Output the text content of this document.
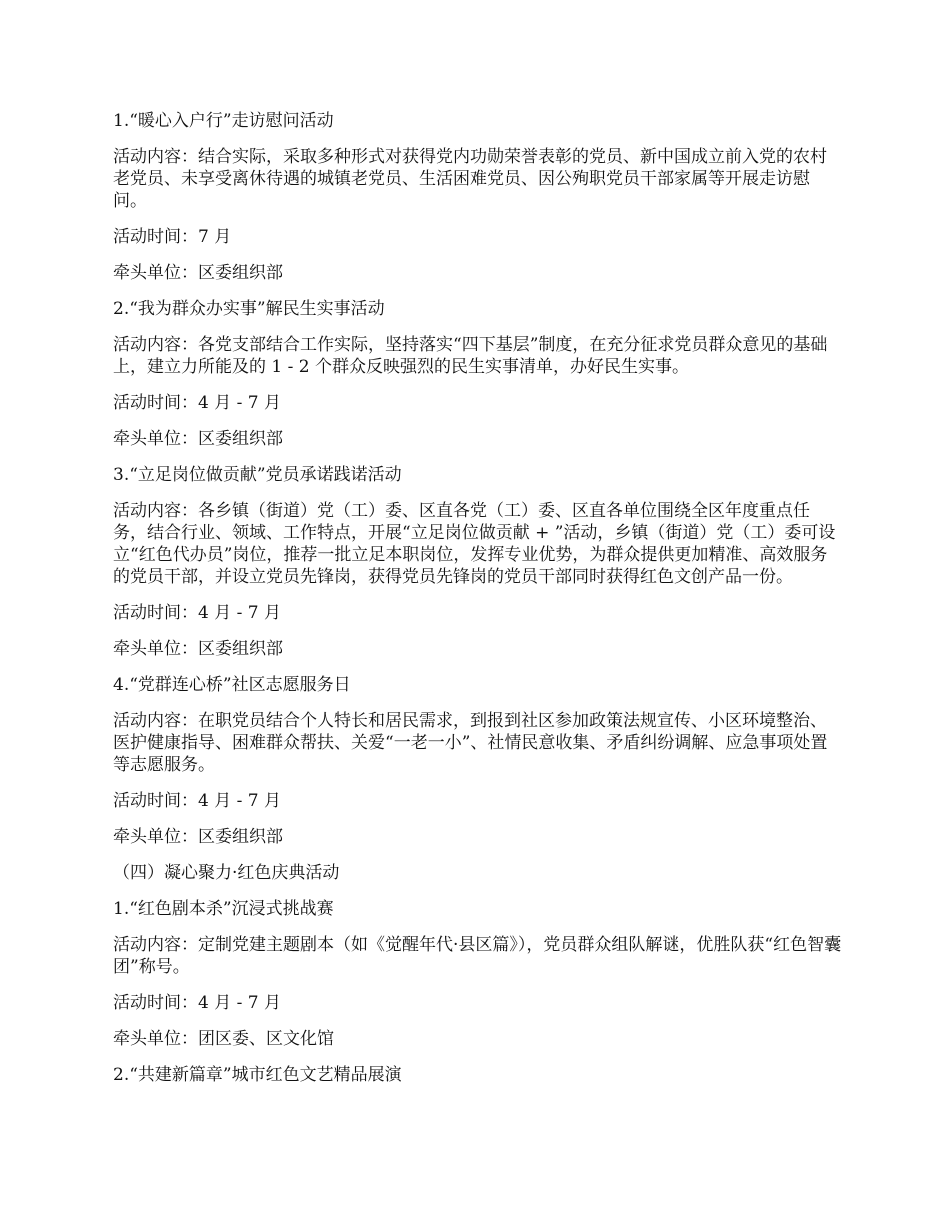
1.“暖心入户行”走访慰问活动

活动内容：结合实际，采取多种形式对获得党内功勋荣誉表彰的党员、新中国成立前入党的农村老党员、未享受离休待遇的城镇老党员、生活困难党员、因公殉职党员干部家属等开展走访慰问。

活动时间：7 月

牵头单位：区委组织部

2.“我为群众办实事”解民生实事活动

活动内容：各党支部结合工作实际，坚持落实“四下基层”制度，在充分征求党员群众意见的基础上，建立力所能及的 1 - 2 个群众反映强烈的民生实事清单，办好民生实事。

活动时间：4 月 - 7 月

牵头单位：区委组织部

3.“立足岗位做贡献”党员承诺践诺活动

活动内容：各乡镇（街道）党（工）委、区直各党（工）委、区直各单位围绕全区年度重点任务，结合行业、领域、工作特点，开展“立足岗位做贡献 + ”活动，乡镇（街道）党（工）委可设立“红色代办员”岗位，推荐一批立足本职岗位，发挥专业优势，为群众提供更加精准、高效服务的党员干部，并设立党员先锋岗，获得党员先锋岗的党员干部同时获得红色文创产品一份。

活动时间：4 月 - 7 月

牵头单位：区委组织部

4.“党群连心桥”社区志愿服务日

活动内容：在职党员结合个人特长和居民需求，到报到社区参加政策法规宣传、小区环境整治、医护健康指导、困难群众帮扶、关爱“一老一小”、社情民意收集、矛盾纠纷调解、应急事项处置等志愿服务。

活动时间：4 月 - 7 月

牵头单位：区委组织部

（四）凝心聚力·红色庆典活动

1.“红色剧本杀”沉浸式挑战赛

活动内容：定制党建主题剧本（如《觉醒年代·县区篇》），党员群众组队解谜，优胜队获“红色智囊团”称号。

活动时间：4 月 - 7 月

牵头单位：团区委、区文化馆

2.“共建新篇章”城市红色文艺精品展演
